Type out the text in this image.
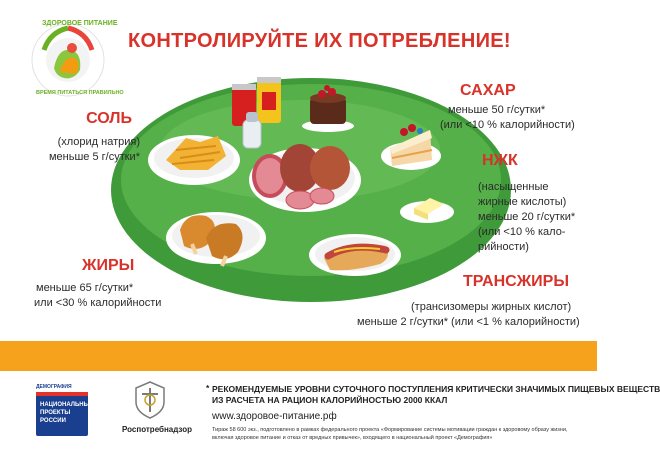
ЗДОРОВОЕ ПИТАНИЕ
ВРЕМЯ ПИТАТЬСЯ ПРАВИЛЬНО
КОНТРОЛИРУЙТЕ ИХ ПОТРЕБЛЕНИЕ!
СОЛЬ
(хлорид натрия)
меньше 5 г/сутки*
САХАР
меньше 50 г/сутки*
(или <10 % калорийности)
НЖК
(насыщенные
жирные кислоты)
меньше 20 г/сутки*
(или <10 % кало-
рийности)
ЖИРЫ
меньше 65 г/сутки*
или <30 % калорийности
ТРАНСЖИРЫ
(трансизомеры жирных кислот)
меньше 2 г/сутки* (или <1 % калорийности)
ДЕМОГРАФИЯ
НАЦИОНАЛЬНЫЕ
ПРОЕКТЫ
РОССИИ
Роспотребнадзор
* РЕКОМЕНДУЕМЫЕ УРОВНИ СУТОЧНОГО ПОСТУПЛЕНИЯ КРИТИЧЕСКИ ЗНАЧИМЫХ ПИЩЕВЫХ ВЕЩЕСТВ
ИЗ РАСЧЕТА НА РАЦИОН КАЛОРИЙНОСТЬЮ 2000 ККАЛ
www.здоровое-питание.рф
Тираж 58 600 экз., подготовлено в рамках федерального проекта «Формирование системы мотивации граждан к здоровому образу жизни,
включая здоровое питание и отказ от вредных привычек», входящего в национальный проект «Демография»
